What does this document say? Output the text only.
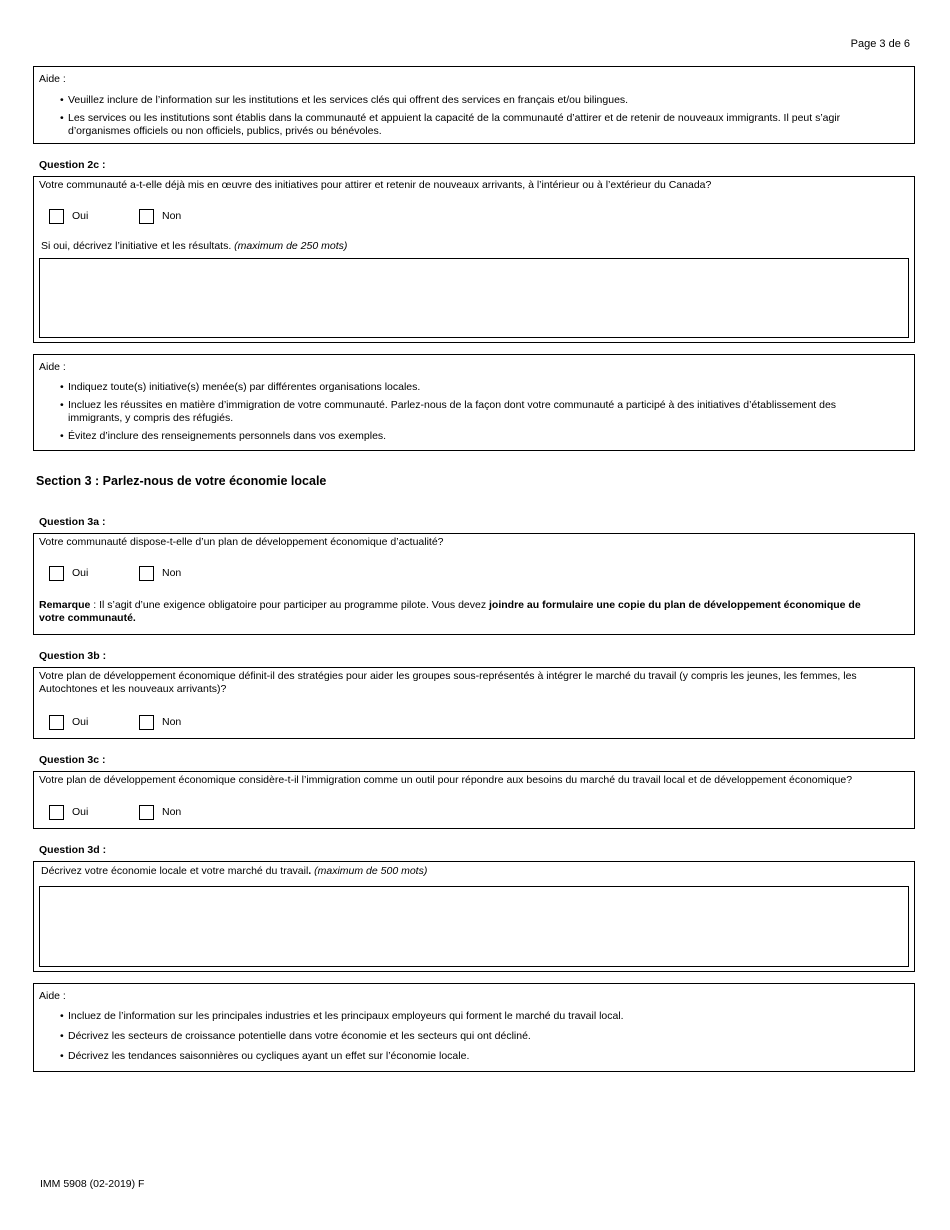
Page 3 de 6
Aide :
• Veuillez inclure de l’information sur les institutions et les services clés qui offrent des services en français et/ou bilingues.
• Les services ou les institutions sont établis dans la communauté et appuient la capacité de la communauté d’attirer et de retenir de nouveaux immigrants. Il peut s’agir d’organismes officiels ou non officiels, publics, privés ou bénévoles.
Question 2c :
Votre communauté a-t-elle déjà mis en œuvre des initiatives pour attirer et retenir de nouveaux arrivants, à l’intérieur ou à l’extérieur du Canada?
Oui	Non
Si oui, décrivez l’initiative et les résultats. (maximum de 250 mots)
Aide :
• Indiquez toute(s) initiative(s) menée(s) par différentes organisations locales.
• Incluez les réussites en matière d’immigration de votre communauté. Parlez-nous de la façon dont votre communauté a participé à des initiatives d’établissement des immigrants, y compris des réfugiés.
• Évitez d’inclure des renseignements personnels dans vos exemples.
Section 3 : Parlez-nous de votre économie locale
Question 3a :
Votre communauté dispose-t-elle d’un plan de développement économique d’actualité?
Oui	Non
Remarque : Il s’agit d’une exigence obligatoire pour participer au programme pilote. Vous devez joindre au formulaire une copie du plan de développement économique de votre communauté.
Question 3b :
Votre plan de développement économique définit-il des stratégies pour aider les groupes sous-représentés à intégrer le marché du travail (y compris les jeunes, les femmes, les Autochtones et les nouveaux arrivants)?
Oui	Non
Question 3c :
Votre plan de développement économique considère-t-il l’immigration comme un outil pour répondre aux besoins du marché du travail local et de développement économique?
Oui	Non
Question 3d :
Décrivez votre économie locale et votre marché du travail. (maximum de 500 mots)
Aide :
• Incluez de l’information sur les principales industries et les principaux employeurs qui forment le marché du travail local.
• Décrivez les secteurs de croissance potentielle dans votre économie et les secteurs qui ont décliné.
• Décrivez les tendances saisonnières ou cycliques ayant un effet sur l’économie locale.
IMM 5908 (02-2019) F
